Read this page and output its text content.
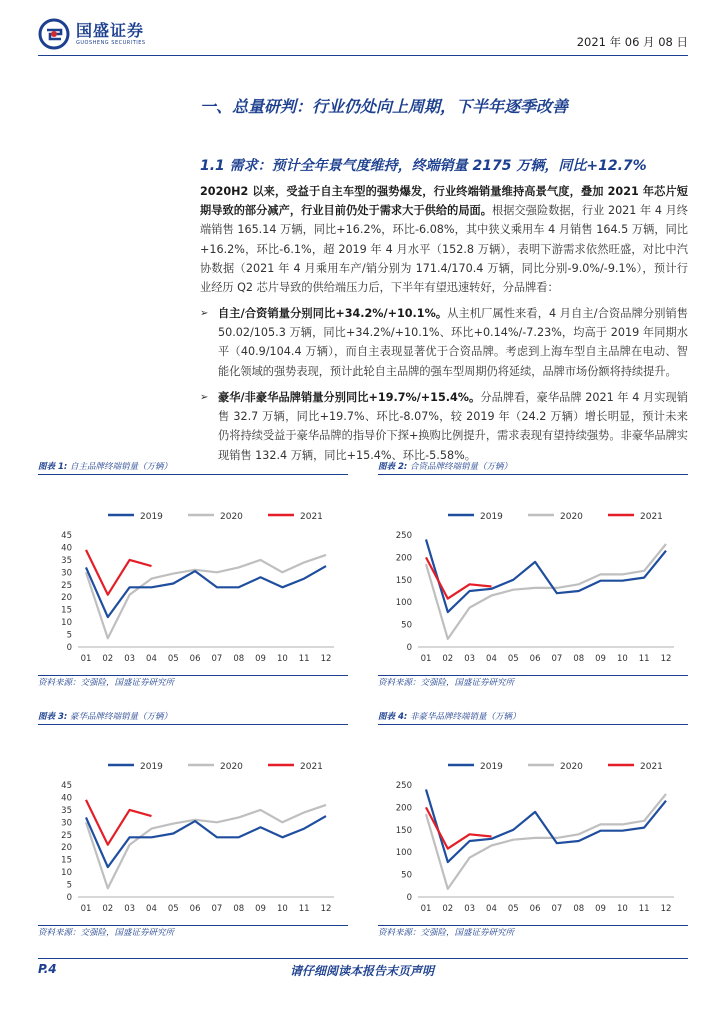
国盛证券
GUOSHENG SECURITIES	2021 年 06 月 08 日
一、总量研判：行业仍处向上周期，下半年逐季改善
1.1 需求：预计全年景气度维持，终端销量 2175 万辆，同比+12.7%
2020H2 以来，受益于自主车型的强势爆发，行业终端销量维持高景气度，叠加 2021 年芯片短期导致的部分减产，行业目前仍处于需求大于供给的局面。根据交强险数据，行业 2021 年 4 月终端销售 165.14 万辆，同比+16.2%，环比-6.08%，其中狭义乘用车 4 月销售 164.5 万辆，同比+16.2%，环比-6.1%，超 2019 年 4 月水平（152.8 万辆），表明下游需求依然旺盛，对比中汽协数据（2021 年 4 月乘用车产/销分别为 171.4/170.4 万辆，同比分别-9.0%/-9.1%），预计行业经历 Q2 芯片导致的供给端压力后，下半年有望迅速转好，分品牌看：
➢ 自主/合资销量分别同比+34.2%/+10.1%。从主机厂属性来看，4 月自主/合资品牌分别销售 50.02/105.3 万辆，同比+34.2%/+10.1%、环比+0.14%/-7.23%，均高于 2019 年同期水平（40.9/104.4 万辆），而自主表现显著优于合资品牌。考虑到上海车型自主品牌在电动、智能化领域的强势表现，预计此轮自主品牌的强车型周期仍将延续，品牌市场份额将持续提升。
➢ 豪华/非豪华品牌销量分别同比+19.7%/+15.4%。分品牌看，豪华品牌 2021 年 4 月实现销售 32.7 万辆，同比+19.7%、环比-8.07%，较 2019 年（24.2 万辆）增长明显，预计未来仍将持续受益于豪华品牌的指导价下探+换购比例提升，需求表现有望持续强势。非豪华品牌实现销售 132.4 万辆，同比+15.4%、环比-5.58%。
图表 1: 自主品牌终端销量（万辆）
2019	2020	2021
0
5
10
15
20
25
30
35
40
45
01 02 03 04 05 06 07 08 09 10 11 12
资料来源：交强险，国盛证券研究所
图表 2: 合资品牌终端销量（万辆）
2019	2020	2021
0
50
100
150
200
250
01 02 03 04 05 06 07 08 09 10 11 12
资料来源：交强险，国盛证券研究所
图表 3: 豪华品牌终端销量（万辆）
2019	2020	2021
0
5
10
15
20
25
30
35
40
45
01 02 03 04 05 06 07 08 09 10 11 12
资料来源：交强险，国盛证券研究所
图表 4: 非豪华品牌终端销量（万辆）
2019	2020	2021
0
50
100
150
200
250
01 02 03 04 05 06 07 08 09 10 11 12
资料来源：交强险，国盛证券研究所
请仔细阅读本报告末页声明
P.4
